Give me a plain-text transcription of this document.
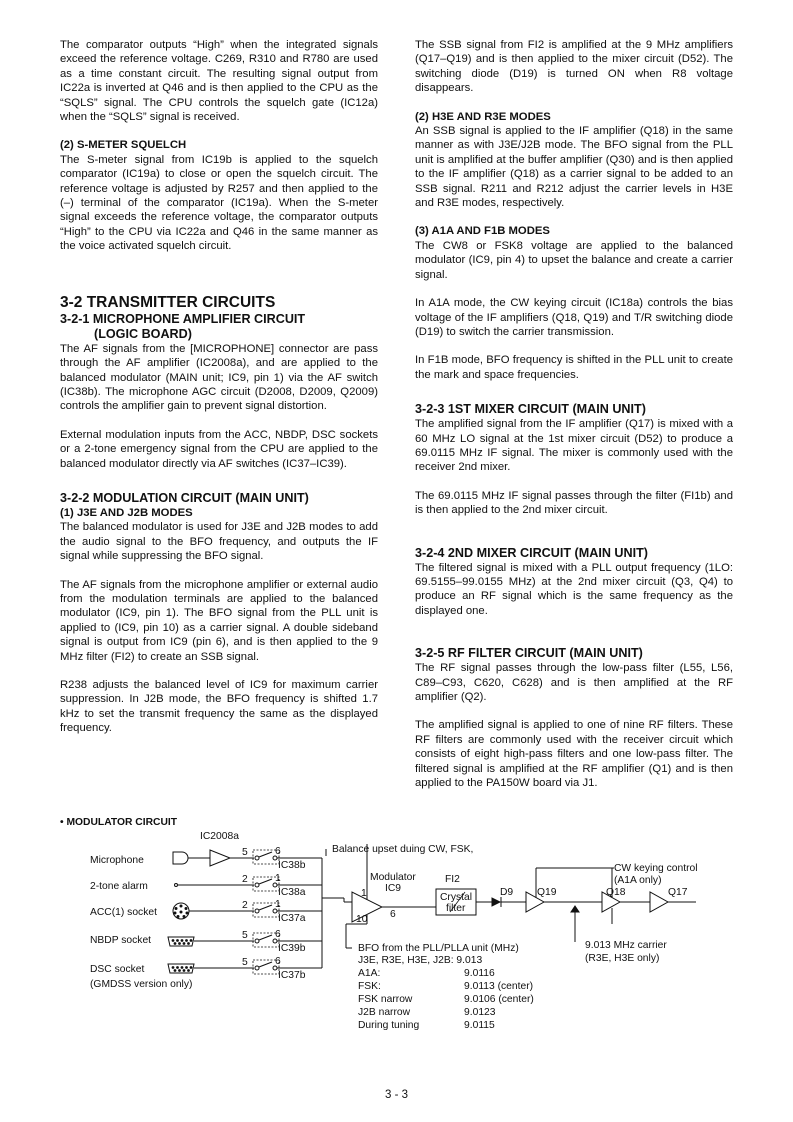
The comparator outputs “High” when the integrated signals exceed the reference voltage. C269, R310 and R780 are used as a time constant circuit. The resulting signal output from IC22a is inverted at Q46 and is then applied to the CPU as the “SQLS” signal. The CPU controls the squelch gate (IC12a) when the “SQLS” signal is received.

(2) S-METER SQUELCH

The S-meter signal from IC19b is applied to the squelch comparator (IC19a) to close or open the squelch circuit. The reference voltage is adjusted by R257 and then applied to the (–) terminal of the comparator (IC19a). When the S-meter signal exceeds the reference voltage, the comparator outputs “High” to the CPU via IC22a and Q46 in the same manner as the voice activated squelch circuit.

3-2 TRANSMITTER CIRCUITS
3-2-1 MICROPHONE AMPLIFIER CIRCUIT
(LOGIC BOARD)

The AF signals from the [MICROPHONE] connector are pass through the AF amplifier (IC2008a), and are applied to the balanced modulator (MAIN unit; IC9, pin 1) via the AF switch (IC38b). The microphone AGC circuit (D2008, D2009, Q2009) controls the amplifier gain to prevent signal distortion.

External modulation inputs from the ACC, NBDP, DSC sockets or a 2-tone emergency signal from the CPU are applied to the balanced modulator directly via AF switches (IC37–IC39).

3-2-2 MODULATION CIRCUIT (MAIN UNIT)
(1) J3E AND J2B MODES

The balanced modulator is used for J3E and J2B modes to add the audio signal to the BFO frequency, and outputs the IF signal while suppressing the BFO signal.

The AF signals from the microphone amplifier or external audio from the modulation terminals are applied to the balanced modulator (IC9, pin 1). The BFO signal from the PLL unit is applied to (IC9, pin 10) as a carrier signal. A double sideband signal is output from IC9 (pin 6), and is then applied to the 9 MHz filter (FI2) to create an SSB signal.

R238 adjusts the balanced level of IC9 for maximum carrier suppression. In J2B mode, the BFO frequency is shifted 1.7 kHz to set the transmit frequency the same as the displayed frequency.

The SSB signal from FI2 is amplified at the 9 MHz amplifiers (Q17–Q19) and is then applied to the mixer circuit (D52). The switching diode (D19) is turned ON when R8 voltage disappears.

(2) H3E AND R3E MODES

An SSB signal is applied to the IF amplifier (Q18) in the same manner as with J3E/J2B mode. The BFO signal from the PLL unit is amplified at the buffer amplifier (Q30) and is then applied to the IF amplifier (Q18) as a carrier signal to be added to an SSB signal. R211 and R212 adjust the carrier levels in H3E and R3E modes, respectively.

(3) A1A AND F1B MODES

The CW8 or FSK8 voltage are applied to the balanced modulator (IC9, pin 4) to upset the balance and create a carrier signal.

In A1A mode, the CW keying circuit (IC18a) controls the bias voltage of the IF amplifiers (Q18, Q19) and T/R switching diode (D19) to switch the carrier transmission.

In F1B mode, BFO frequency is shifted in the PLL unit to create the mark and space frequencies.

3-2-3 1ST MIXER CIRCUIT (MAIN UNIT)

The amplified signal from the IF amplifier (Q17) is mixed with a 60 MHz LO signal at the 1st mixer circuit (D52) to produce a 69.0115 MHz IF signal. The mixer is commonly used with the receiver 2nd mixer.

The 69.0115 MHz IF signal passes through the filter (FI1b) and is then applied to the 2nd mixer circuit.

3-2-4 2ND MIXER CIRCUIT (MAIN UNIT)

The filtered signal is mixed with a PLL output frequency (1LO: 69.5155–99.0155 MHz) at the 2nd mixer circuit (Q3, Q4) to produce an RF signal which is the same frequency as the displayed one.

3-2-5 RF FILTER CIRCUIT (MAIN UNIT)

The RF signal passes through the low-pass filter (L55, L56, C89–C93, C620, C628) and is then amplified at the RF amplifier (Q2).

The amplified signal is applied to one of nine RF filters. These RF filters are commonly used with the receiver circuit which consists of eight high-pass filters and one low-pass filter. The filtered signal is amplified at the RF amplifier (Q1) and is then applied to the PA150W board via J1.

• MODULATOR CIRCUIT
IC2008a
Balance upset duing CW, FSK,
Microphone
2-tone alarm
ACC(1) socket
NBDP socket
DSC socket
(GMDSS version only)
5	6
IC38b
2	1
IC38a
2	1
IC37a
5	6
IC39b
5	6
IC37b
Modulator
IC9
1
6
10
FI2
Crystal
filter
D9 Q19	Q18	Q17
CW keying control
(A1A only)
9.013 MHz carrier
(R3E, H3E only)
BFO from the PLL/PLLA unit (MHz)
J3E, R3E, H3E, J2B: 9.013
A1A:	9.0116
FSK:	9.0113 (center)
FSK narrow	9.0106 (center)
J2B narrow	9.0123
During tuning	9.0115
3 - 3
